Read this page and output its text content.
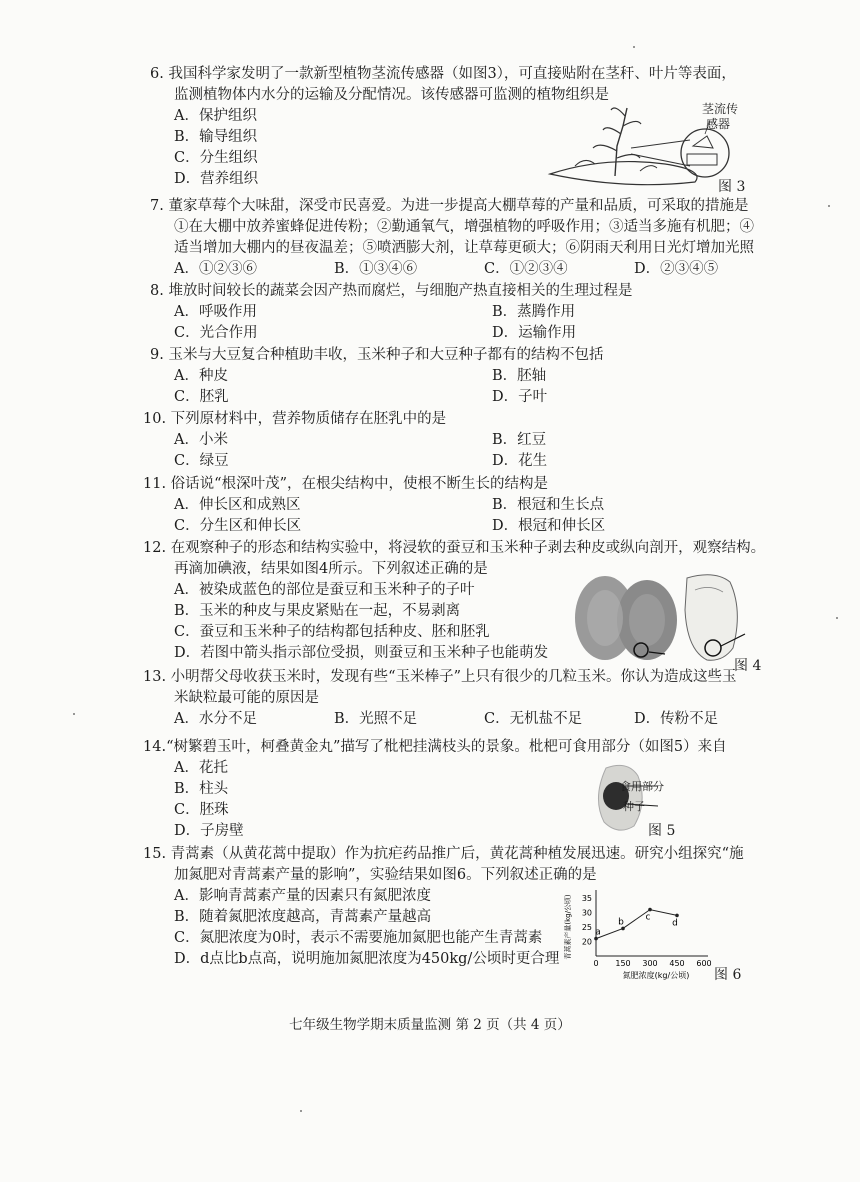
6. 我国科学家发明了一款新型植物茎流传感器（如图3），可直接贴附在茎秆、叶片等表面，
监测植物体内水分的运输及分配情况。该传感器可监测的植物组织是
A．保护组织
B．输导组织
C．分生组织
D．营养组织
茎流传
感器
图 3
7. 董家草莓个大味甜，深受市民喜爱。为进一步提高大棚草莓的产量和品质，可采取的措施是
①在大棚中放养蜜蜂促进传粉；②勤通氧气，增强植物的呼吸作用；③适当多施有机肥；④
适当增加大棚内的昼夜温差；⑤喷洒膨大剂，让草莓更硕大；⑥阴雨天利用日光灯增加光照
A．①②③⑥	B．①③④⑥	C．①②③④	D．②③④⑤
8. 堆放时间较长的蔬菜会因产热而腐烂，与细胞产热直接相关的生理过程是
A．呼吸作用	B．蒸腾作用
C．光合作用	D．运输作用
9. 玉米与大豆复合种植助丰收，玉米种子和大豆种子都有的结构不包括
A．种皮	B．胚轴
C．胚乳	D．子叶
10. 下列原材料中，营养物质储存在胚乳中的是
A．小米	B．红豆
C．绿豆	D．花生
11. 俗话说“根深叶茂”，在根尖结构中，使根不断生长的结构是
A．伸长区和成熟区	B．根冠和生长点
C．分生区和伸长区	D．根冠和伸长区
12. 在观察种子的形态和结构实验中，将浸软的蚕豆和玉米种子剥去种皮或纵向剖开，观察结构。
再滴加碘液，结果如图4所示。下列叙述正确的是
A．被染成蓝色的部位是蚕豆和玉米种子的子叶
B．玉米的种皮与果皮紧贴在一起，不易剥离
C．蚕豆和玉米种子的结构都包括种皮、胚和胚乳
D．若图中箭头指示部位受损，则蚕豆和玉米种子也能萌发
图 4
13. 小明帮父母收获玉米时，发现有些“玉米棒子”上只有很少的几粒玉米。你认为造成这些玉
米缺粒最可能的原因是
A．水分不足	B．光照不足	C．无机盐不足	D．传粉不足
14.“树繁碧玉叶，柯叠黄金丸”描写了枇杷挂满枝头的景象。枇杷可食用部分（如图5）来自
A．花托
B．柱头
C．胚珠
D．子房壁
食用部分
种子
图 5
15. 青蒿素（从黄花蒿中提取）作为抗疟药品推广后，黄花蒿种植发展迅速。研究小组探究“施
加氮肥对青蒿素产量的影响”，实验结果如图6。下列叙述正确的是
A．影响青蒿素产量的因素只有氮肥浓度
B．随着氮肥浓度越高，青蒿素产量越高
C．氮肥浓度为0时，表示不需要施加氮肥也能产生青蒿素
D．d点比b点高，说明施加氮肥浓度为450kg/公顷时更合理	0 150 300 450 600
20
25
30
35
青蒿素产量(kg/公顷)
氮肥浓度(kg/公顷)
a
b c
d
图 6
七年级生物学期末质量监测 第 2 页（共 4 页）
